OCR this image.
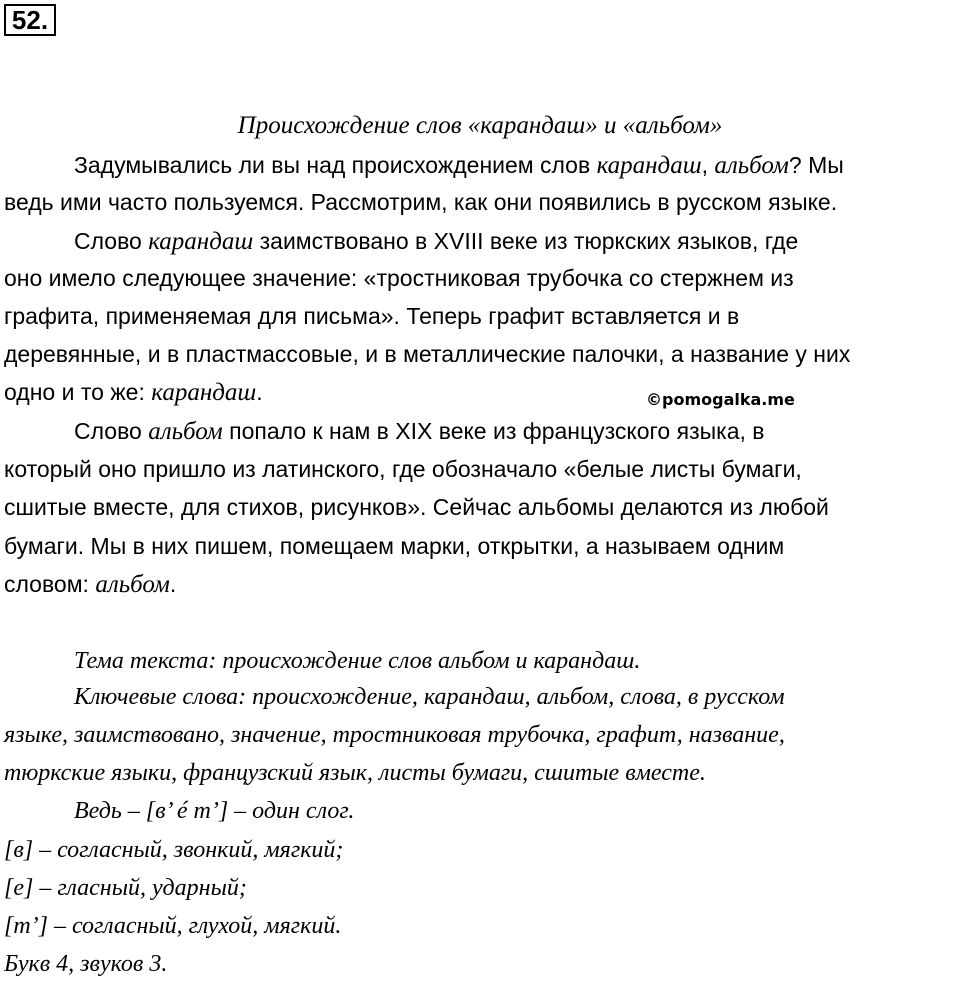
52.
Происхождение слов «карандаш» и «альбом»
Задумывались ли вы над происхождением слов карандаш, альбом? Мы
ведь ими часто пользуемся. Рассмотрим, как они появились в русском языке.
Слово карандаш заимствовано в XVIII веке из тюркских языков, где
оно имело следующее значение: «тростниковая трубочка со стержнем из
графита, применяемая для письма». Теперь графит вставляется и в
деревянные, и в пластмассовые, и в металлические палочки, а название у них
одно и то же: карандаш.	©pomogalka.me
Слово альбом попало к нам в XIX веке из французского языка, в
который оно пришло из латинского, где обозначало «белые листы бумаги,
сшитые вместе, для стихов, рисунков». Сейчас альбомы делаются из любой
бумаги. Мы в них пишем, помещаем марки, открытки, а называем одним
словом: альбом.
Тема текста: происхождение слов альбом и карандаш.
Ключевые слова: происхождение, карандаш, альбом, слова, в русском
языке, заимствовано, значение, тростниковая трубочка, графит, название,
тюркские языки, французский язык, листы бумаги, сшитые вместе.
Ведь – [в’ é т’] – один слог.
[в] – согласный, звонкий, мягкий;
[е] – гласный, ударный;
[т’] – согласный, глухой, мягкий.
Букв 4, звуков 3.
